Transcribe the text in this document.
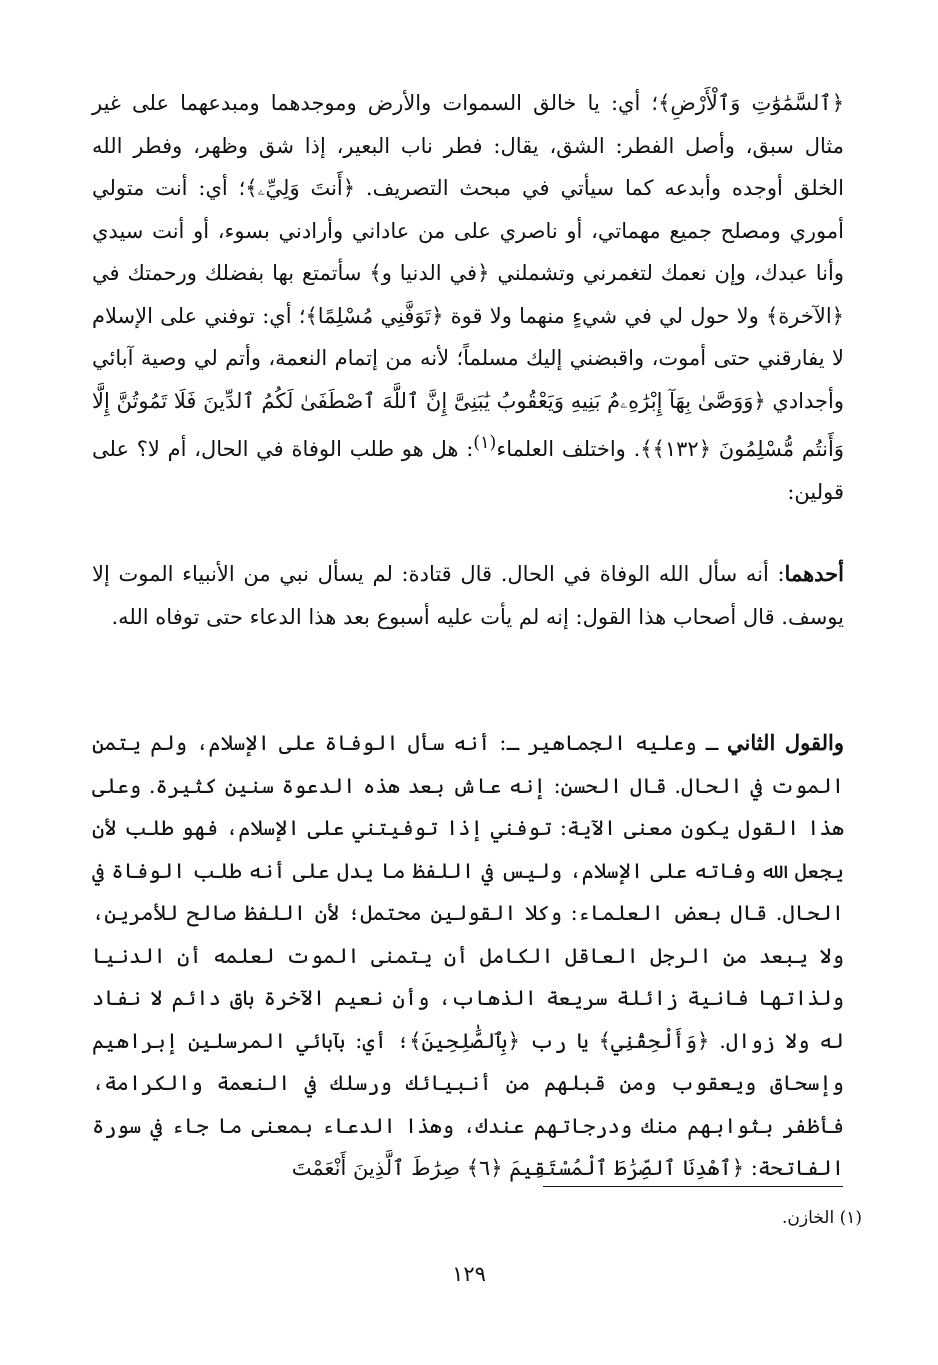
﴿ٱلسَّمَٰوَٰتِ وَٱلْأَرْضِ﴾؛ أي: يا خالق السموات والأرض وموجدهما ومبدعهما على غير مثال سبق، وأصل الفطر: الشق، يقال: فطر ناب البعير، إذا شق وظهر، وفطر الله الخلق أوجده وأبدعه كما سيأتي في مبحث التصريف. ﴿أَنتَ وَلِيِّۦ﴾؛ أي: أنت متولي أموري ومصلح جميع مهماتي، أو ناصري على من عاداني وأرادني بسوء، أو أنت سيدي وأنا عبدك، وإن نعمك لتغمرني وتشملني ﴿في الدنيا و﴾ سأتمتع بها بفضلك ورحمتك في ﴿الآخرة﴾ ولا حول لي في شيءٍ منهما ولا قوة ﴿تَوَفَّنِي مُسْلِمًا﴾؛ أي: توفني على الإسلام لا يفارقني حتى أموت، واقبضني إليك مسلماً؛ لأنه من إتمام النعمة، وأتم لي وصية آبائي وأجدادي ﴿وَوَصَّىٰ بِهَآ إِبْرَٰهِۦمُ بَنِيهِ وَيَعْقُوبُ يَٰبَنِىَّ إِنَّ ٱللَّهَ ٱصْطَفَىٰ لَكُمُ ٱلدِّينَ فَلَا تَمُوتُنَّ إِلَّا وَأَنتُم مُّسْلِمُونَ ﴿١٣٢﴾﴾. واختلف العلماء$^{(١)}$: هل هو طلب الوفاة في الحال، أم لا؟ على قولين:
أحدهما: أنه سأل الله الوفاة في الحال. قال قتادة: لم يسأل نبي من الأنبياء الموت إلا يوسف. قال أصحاب هذا القول: إنه لم يأت عليه أسبوع بعد هذا الدعاء حتى توفاه الله.
والقول الثاني ـ وعليه الجماهير ـ: أنه سأل الوفاة على الإسلام، ولم يتمن الموت في الحال. قال الحسن: إنه عاش بعد هذه الدعوة سنين كثيرة. وعلى هذا القول يكون معنى الآية: توفني إذا توفيتني على الإسلام، فهو طلب لأن يجعل الله وفاته على الإسلام، وليس في اللفظ ما يدل على أنه طلب الوفاة في الحال. قال بعض العلماء: وكلا القولين محتمل؛ لأن اللفظ صالح للأمرين، ولا يبعد من الرجل العاقل الكامل أن يتمنى الموت لعلمه أن الدنيا ولذاتها فانية زائلة سريعة الذهاب، وأن نعيم الآخرة باق دائم لا نفاد له ولا زوال. ﴿وَأَلْحِقْنِي﴾ يا رب ﴿بِٱلصَّٰلِحِينَ﴾؛ أي: بآبائي المرسلين إبراهيم وإسحاق ويعقوب ومن قبلهم من أنبيائك ورسلك في النعمة والكرامة، فأظفر بثوابهم منك ودرجاتهم عندك، وهذا الدعاء بمعنى ما جاء في سورة الفاتحة: ﴿ٱهْدِنَا ٱلصِّرَٰطَ ٱلْمُسْتَقِيمَ ﴿٦﴾ صِرَٰطَ ٱلَّذِينَ أَنْعَمْتَ
(١) الخازن.
١٢٩
